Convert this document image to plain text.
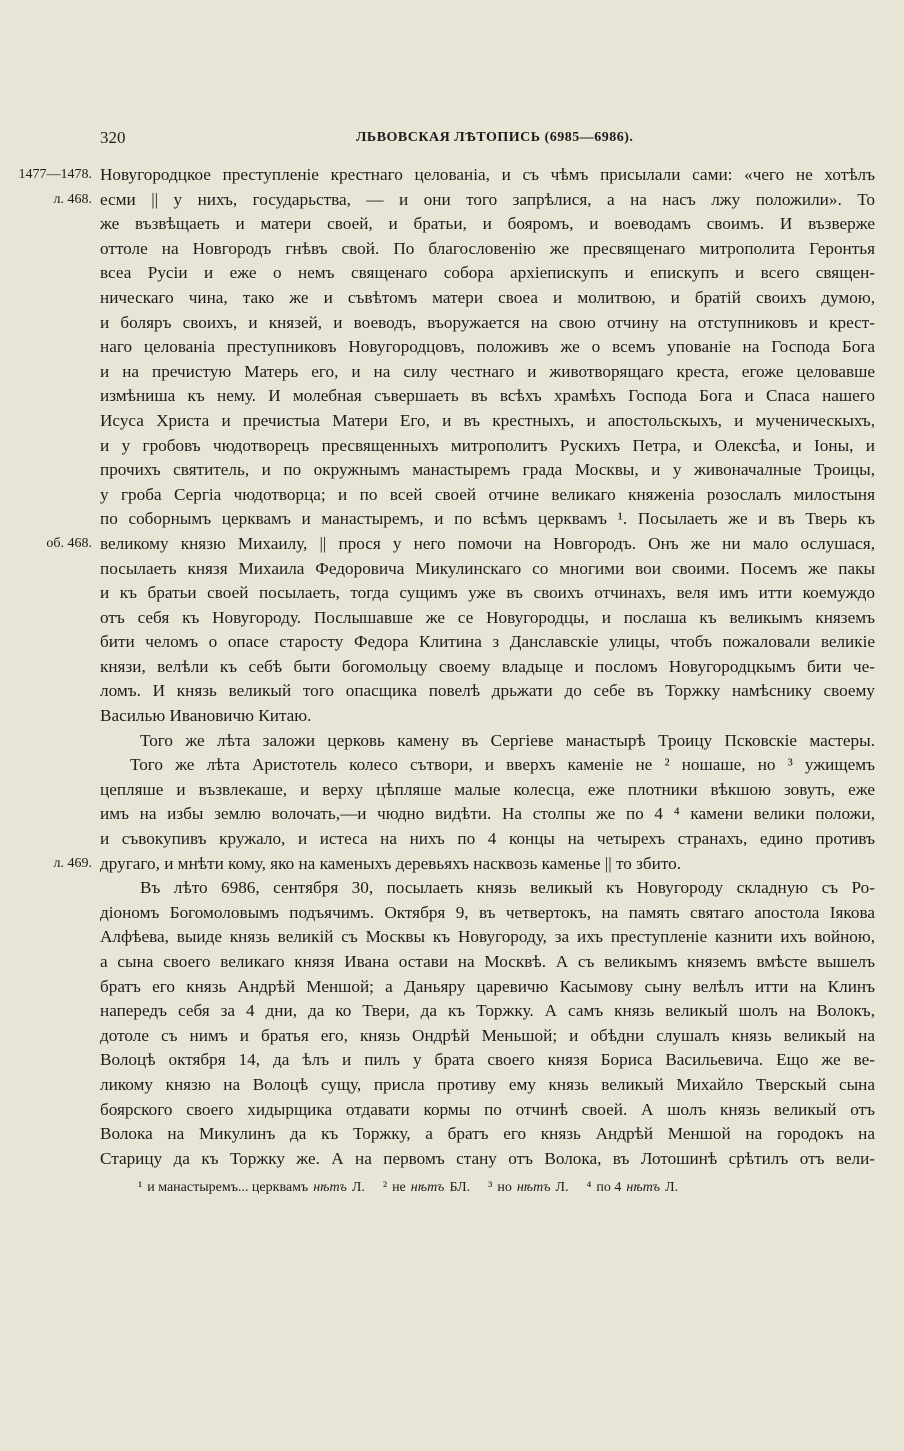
320	ЛЬВОВСКАЯ ЛѢТОПИСЬ (6985—6986).
1477—1478.
л. 468.
об. 468.
л. 469.
Новугородцкое преступленіе крестнаго целованіа, и съ чѣмъ присылали сами: «чего не хотѣлъ
есми || у нихъ, государьства, — и они того запрѣлися, а на насъ лжу положили». То
же възвѣщаеть и матери своей, и братьи, и бояромъ, и воеводамъ своимъ. И възверже
оттоле на Новгородъ гнѣвъ свой. По благословенію же пресвященаго митрополита Геронтья
всеа Русіи и еже о немъ священаго собора архіепискупъ и епискупъ и всего священ-
ническаго чина, тако же и съвѣтомъ матери своеа и молитвою, и братій своихъ думою,
и боляръ своихъ, и князей, и воеводъ, въоружается на свою отчину на отступниковъ и крест-
наго целованіа преступниковъ Новугородцовъ, положивъ же о всемъ упованіе на Господа Бога
и на пречистую Матерь его, и на силу честнаго и животворящаго креста, егоже целовавше
измѣниша къ нему. И молебная съвершаеть въ всѣхъ храмѣхъ Господа Бога и Спаса нашего
Исуса Христа и пречистыа Матери Его, и въ крестныхъ, и апостольскыхъ, и мученическыхъ,
и у гробовъ чюдотворецъ пресвященныхъ митрополитъ Рускихъ Петра, и Олексѣа, и Іоны, и
прочихъ святитель, и по окружнымъ манастыремъ града Москвы, и у живоначалные Троицы,
у гроба Сергіа чюдотворца; и по всей своей отчине великаго княженіа розослалъ милостыня
по соборнымъ церквамъ и манастыремъ, и по всѣмъ церквамъ ¹. Посылаеть же и въ Тверь къ
великому князю Михаилу, || прося у него помочи на Новгородъ. Онъ же ни мало ослушася,
посылаеть князя Михаила Федоровича Микулинскаго со многими вои своими. Посемъ же пакы
и къ братьи своей посылаеть, тогда сущимъ уже въ своихъ отчинахъ, веля имъ итти коемуждо
отъ себя къ Новугороду. Послышавше же се Новугородцы, и послаша къ великымъ княземъ
бити челомъ о опасе старосту Федора Клитина з Данславскіе улицы, чтобъ пожаловали великіе
князи, велѣли къ себѣ быти богомольцу своему владыце и посломъ Новугородцкымъ бити че-
ломъ. И князь великый того опасщика повелѣ дрьжати до себе въ Торжку намѣснику своему
Василью Ивановичю Китаю.
Того же лѣта заложи церковь камену въ Сергіеве манастырѣ Троицу Псковскіе мастеры.
Того же лѣта Аристотель колесо сътвори, и вверхъ каменіе не ² ношаше, но ³ ужищемъ
цепляше и възвлекаше, и верху цѣпляше малые колесца, еже плотники вѣкшою зовуть, еже
имъ на избы землю волочать,—и чюдно видѣти. На столпы же по 4 ⁴ камени велики положи,
и съвокупивъ кружало, и истеса на нихъ по 4 концы на четырехъ странахъ, едино противъ
другаго, и мнѣти кому, яко на каменыхъ деревьяхъ насквозь каменье || то збито.
Въ лѣто 6986, сентября 30, посылаеть князь великый къ Новугороду складную съ Ро-
діономъ Богомоловымъ подъячимъ. Октября 9, въ четвертокъ, на память святаго апостола Іякова
Алфѣева, выиде князь великій съ Москвы къ Новугороду, за ихъ преступленіе казнити ихъ войною,
а сына своего великаго князя Ивана остави на Москвѣ. А съ великымъ княземъ вмѣсте вышелъ
братъ его князь Андрѣй Меншой; а Даньяру царевичю Касымову сыну велѣлъ итти на Клинъ
напередъ себя за 4 дни, да ко Твери, да къ Торжку. А самъ князь великый шолъ на Волокъ,
дотоле съ нимъ и братья его, князь Ондрѣй Меньшой; и обѣдни слушалъ князь великый на
Волоцѣ октября 14, да ѣлъ и пилъ у брата своего князя Бориса Васильевича. Ещо же ве-
ликому князю на Волоцѣ сущу, присла противу ему князь великый Михайло Тверскый сына
боярского своего хидырщика отдавати кормы по отчинѣ своей. А шолъ князь великый отъ
Волока на Микулинъ да къ Торжку, а братъ его князь Андрѣй Меншой на городокъ на
Старицу да къ Торжку же. А на первомъ стану отъ Волока, въ Лотошинѣ срѣтилъ отъ вели-
¹ и манастыремъ... церквамъ нѣтъ Л. ² не нѣтъ БЛ. ³ но нѣтъ Л. ⁴ по 4 нѣтъ Л.
